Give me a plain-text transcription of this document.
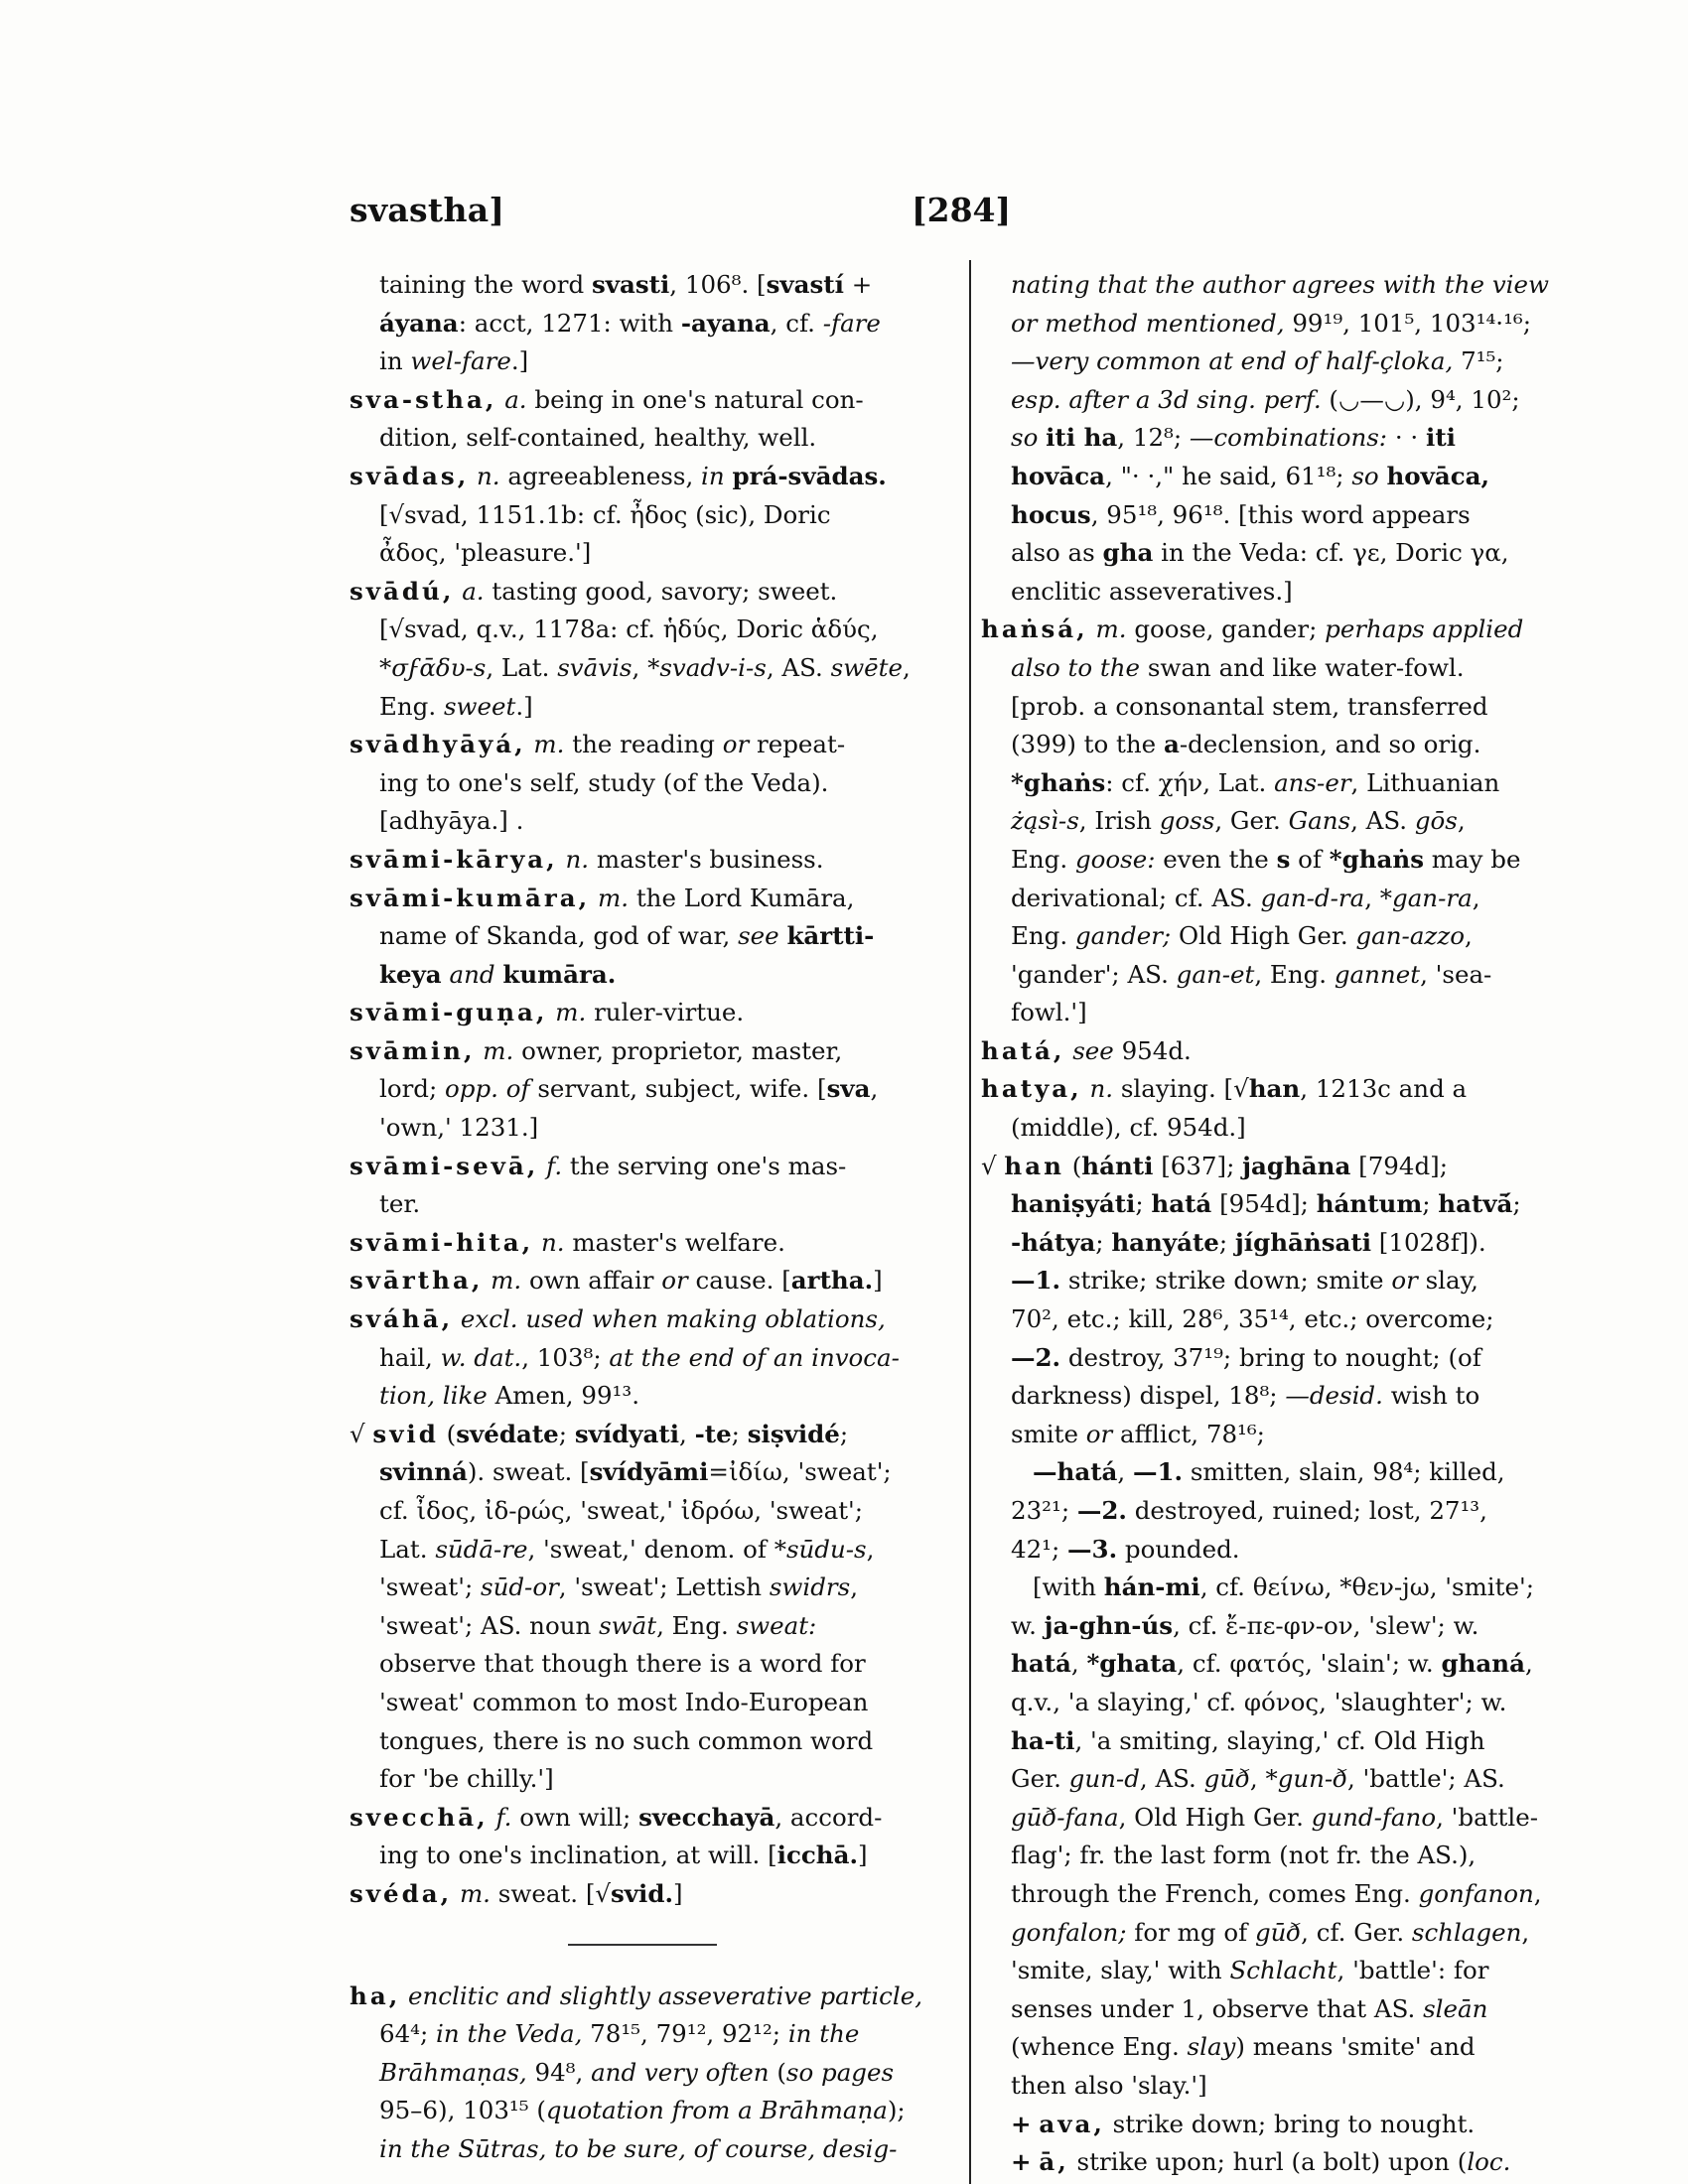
svastha]	[284]
taining the word svasti, 106⁸. [svastí +
áyana: acct, 1271: with -ayana, cf. -fare
in wel-fare.]
sva-stha, a. being in one's natural con-
dition, self-contained, healthy, well.
svādas, n. agreeableness, in prá-svādas.
[√svad, 1151.1b: cf. ἦδος (sic), Doric
ἆδος, 'pleasure.']
svādú, a. tasting good, savory; sweet.
[√svad, q.v., 1178a: cf. ἡδύς, Doric ἁδύς,
*σϝᾱδυ-s, Lat. svāvis, *svadv-i-s, AS. swēte,
Eng. sweet.]
svādhyāyá, m. the reading or repeat-
ing to one's self, study (of the Veda).
[adhyāya.] .
svāmi-kārya, n. master's business.
svāmi-kumāra, m. the Lord Kumāra,
name of Skanda, god of war, see kārtti-
keya and kumāra.
svāmi-guṇa, m. ruler-virtue.
svāmin, m. owner, proprietor, master,
lord; opp. of servant, subject, wife. [sva,
'own,' 1231.]
svāmi-sevā, f. the serving one's mas-
ter.
svāmi-hita, n. master's welfare.
svārtha, m. own affair or cause. [artha.]
sváhā, excl. used when making oblations,
hail, w. dat., 103⁸; at the end of an invoca-
tion, like Amen, 99¹³.
√ svid (svédate; svídyati, -te; siṣvidé;
svinná). sweat. [svídyāmi=ἰδίω, 'sweat';
cf. ἶδος, ἰδ-ρώς, 'sweat,' ἰδρόω, 'sweat';
Lat. sūdā-re, 'sweat,' denom. of *sūdu-s,
'sweat'; sūd-or, 'sweat'; Lettish swidrs,
'sweat'; AS. noun swāt, Eng. sweat:
observe that though there is a word for
'sweat' common to most Indo-European
tongues, there is no such common word
for 'be chilly.']
svecchā, f. own will; svecchayā, accord-
ing to one's inclination, at will. [icchā.]
svéda, m. sweat. [√svid.]
ha, enclitic and slightly asseverative particle,
64⁴; in the Veda, 78¹⁵, 79¹², 92¹²; in the
Brāhmaṇas, 94⁸, and very often (so pages
95–6), 103¹⁵ (quotation from a Brāhmaṇa);
in the Sūtras, to be sure, of course, desig-
nating that the author agrees with the view
or method mentioned, 99¹⁹, 101⁵, 103¹⁴·¹⁶;
—very common at end of half-çloka, 7¹⁵;
esp. after a 3d sing. perf. (◡—◡), 9⁴, 10²;
so iti ha, 12⁸; —combinations: · · iti
hovāca, "· ·," he said, 61¹⁸; so hovāca,
hocus, 95¹⁸, 96¹⁸. [this word appears
also as gha in the Veda: cf. γε, Doric γα,
enclitic asseveratives.]
haṅsá, m. goose, gander; perhaps applied
also to the swan and like water-fowl.
[prob. a consonantal stem, transferred
(399) to the a-declension, and so orig.
*ghaṅs: cf. χήν, Lat. ans-er, Lithuanian
żąsì-s, Irish goss, Ger. Gans, AS. gōs,
Eng. goose: even the s of *ghaṅs may be
derivational; cf. AS. gan-d-ra, *gan-ra,
Eng. gander; Old High Ger. gan-azzo,
'gander'; AS. gan-et, Eng. gannet, 'sea-
fowl.']
hatá, see 954d.
hatya, n. slaying. [√han, 1213c and a
(middle), cf. 954d.]
√ han (hánti [637]; jaghāna [794d];
haniṣyáti; hatá [954d]; hántum; hatvā́;
-hátya; hanyáte; jíghāṅsati [1028f]).
—1. strike; strike down; smite or slay,
70², etc.; kill, 28⁶, 35¹⁴, etc.; overcome;
—2. destroy, 37¹⁹; bring to nought; (of
darkness) dispel, 18⁸; —desid. wish to
smite or afflict, 78¹⁶;
—hatá, —1. smitten, slain, 98⁴; killed,
23²¹; —2. destroyed, ruined; lost, 27¹³,
42¹; —3. pounded.
[with hán-mi, cf. θείνω, *θεν-jω, 'smite';
w. ja-ghn-ús, cf. ἔ-πε-φν-ον, 'slew'; w.
hatá, *ghata, cf. φατός, 'slain'; w. ghaná,
q.v., 'a slaying,' cf. φόνος, 'slaughter'; w.
ha-ti, 'a smiting, slaying,' cf. Old High
Ger. gun-d, AS. gūð, *gun-ð, 'battle'; AS.
gūð-fana, Old High Ger. gund-fano, 'battle-
flag'; fr. the last form (not fr. the AS.),
through the French, comes Eng. gonfanon,
gonfalon; for mg of gūð, cf. Ger. schlagen,
'smite, slay,' with Schlacht, 'battle': for
senses under 1, observe that AS. sleān
(whence Eng. slay) means 'smite' and
then also 'slay.']
+ ava, strike down; bring to nought.
+ ā, strike upon; hurl (a bolt) upon (loc.
